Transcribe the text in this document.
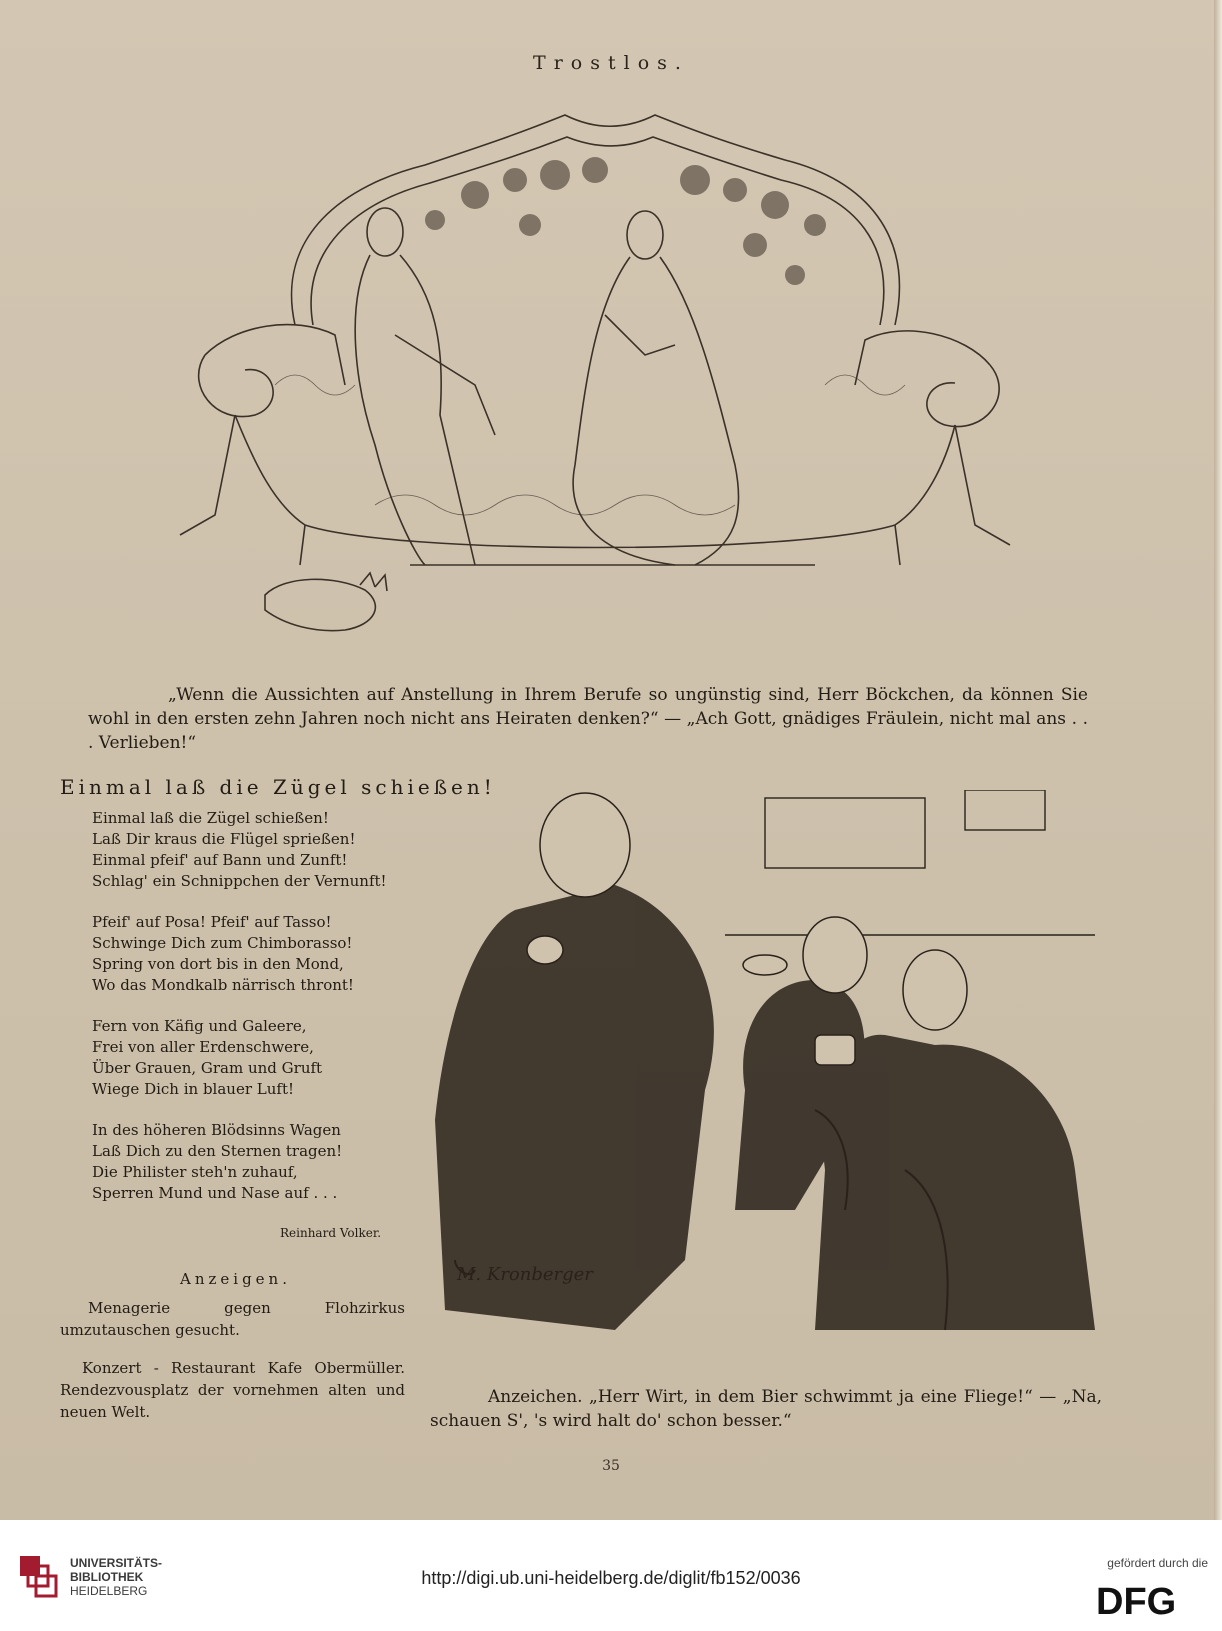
Trostlos.
„Wenn die Aussichten auf Anstellung in Ihrem Berufe so ungünstig sind, Herr Böckchen, da können Sie wohl in den ersten zehn Jahren noch nicht ans Heiraten denken?“ — „Ach Gott, gnädiges Fräulein, nicht mal ans . . . Verlieben!“
Einmal laß die Zügel schießen!
Einmal laß die Zügel schießen!
Laß Dir kraus die Flügel sprießen!
Einmal pfeif' auf Bann und Zunft!
Schlag' ein Schnippchen der Vernunft!
Pfeif' auf Posa! Pfeif' auf Tasso!
Schwinge Dich zum Chimborasso!
Spring von dort bis in den Mond,
Wo das Mondkalb närrisch thront!
Fern von Käfig und Galeere,
Frei von aller Erdenschwere,
Über Grauen, Gram und Gruft
Wiege Dich in blauer Luft!
In des höheren Blödsinns Wagen
Laß Dich zu den Sternen tragen!
Die Philister steh'n zuhauf,
Sperren Mund und Nase auf . . .
Reinhard Volker.
Anzeigen.
Menagerie gegen Flohzirkus umzutauschen gesucht.
Konzert - Restaurant Kafe Obermüller. Rendezvousplatz der vornehmen alten und neuen Welt.
M. Kronberger
Anzeichen. „Herr Wirt, in dem Bier schwimmt ja eine Fliege!“ — „Na, schauen S', 's wird halt do' schon besser.“
35
UNIVERSITÄTS-
BIBLIOTHEK
HEIDELBERG
http://digi.ub.uni-heidelberg.de/diglit/fb152/0036
gefördert durch die
DFG
